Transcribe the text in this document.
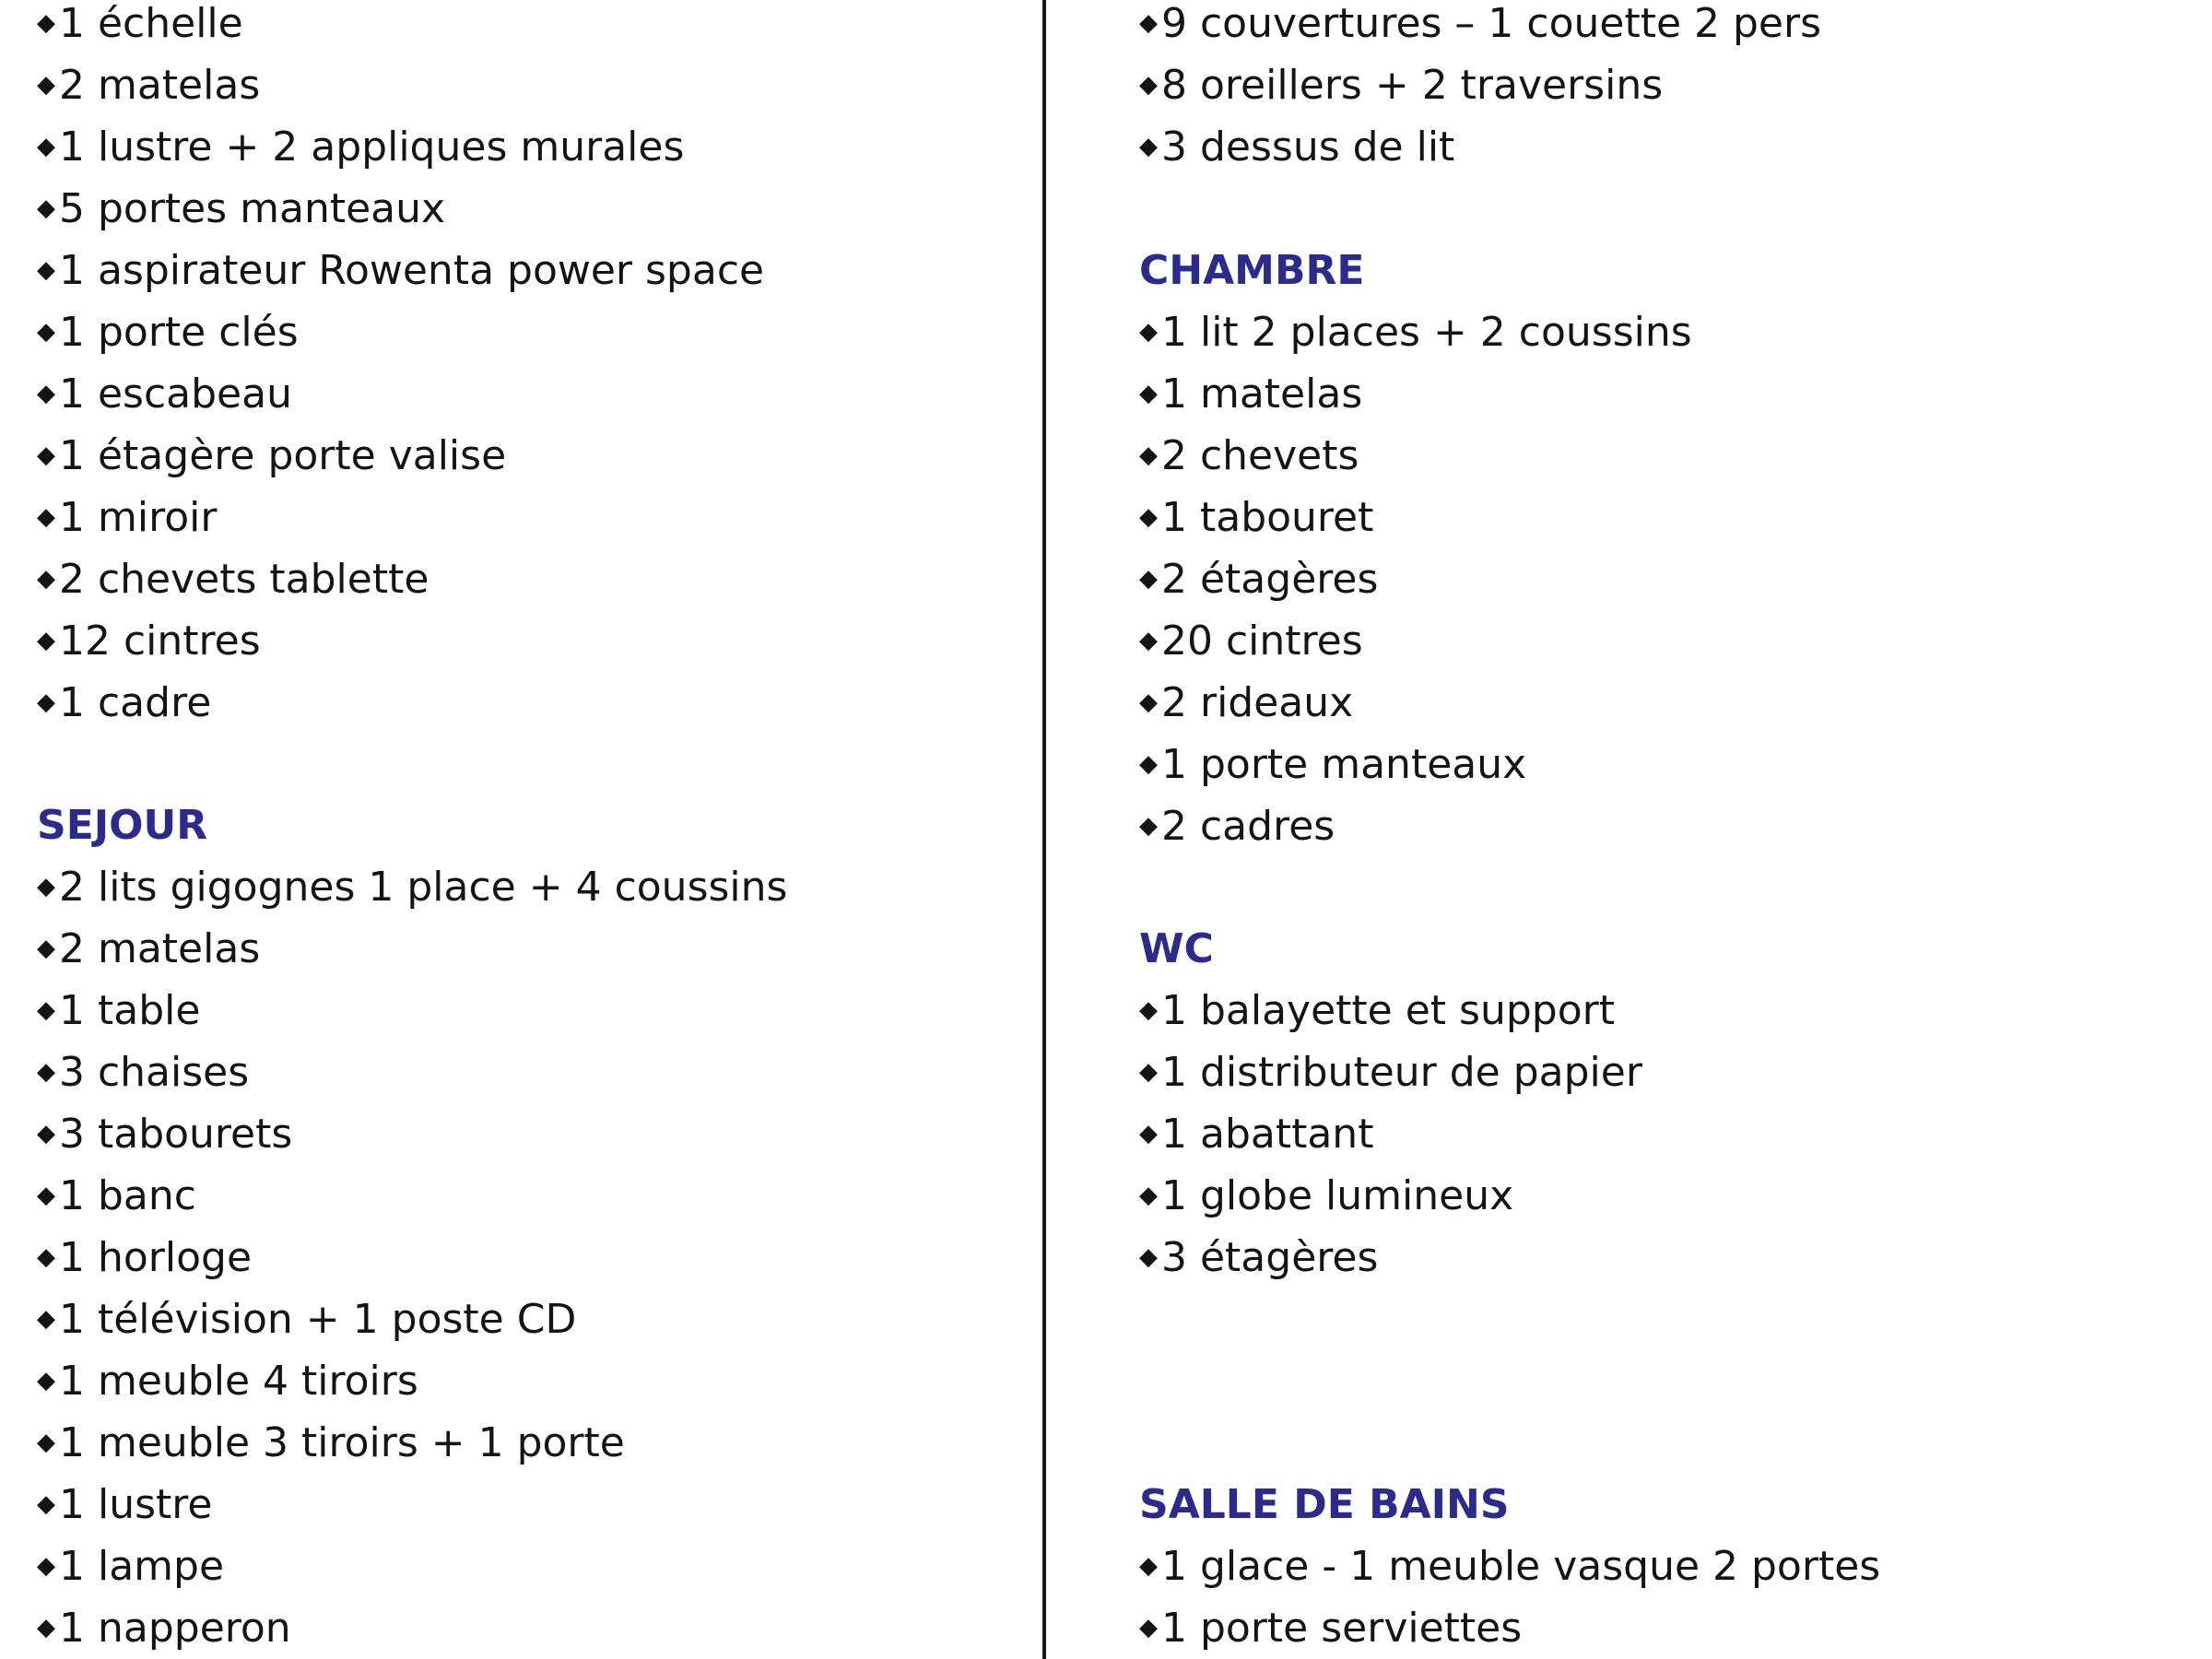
◆1 échelle
◆2 matelas
◆1 lustre + 2 appliques murales
◆5 portes manteaux
◆1 aspirateur Rowenta power space
◆1 porte clés
◆1 escabeau
◆1 étagère porte valise
◆1 miroir
◆2 chevets tablette
◆12 cintres
◆1 cadre
SEJOUR
◆2 lits gigognes 1 place + 4 coussins
◆2 matelas
◆1 table
◆3 chaises
◆3 tabourets
◆1 banc
◆1 horloge
◆1 télévision + 1 poste CD
◆1 meuble 4 tiroirs
◆1 meuble 3 tiroirs + 1 porte
◆1 lustre
◆1 lampe
◆1 napperon
◆9 couvertures – 1 couette 2 pers
◆8 oreillers + 2 traversins
◆3 dessus de lit
CHAMBRE
◆1 lit 2 places + 2 coussins
◆1 matelas
◆2 chevets
◆1 tabouret
◆2 étagères
◆20 cintres
◆2 rideaux
◆1 porte manteaux
◆2 cadres
WC
◆1 balayette et support
◆1 distributeur de papier
◆1 abattant
◆1 globe lumineux
◆3 étagères
SALLE DE BAINS
◆1 glace - 1 meuble vasque 2 portes
◆1 porte serviettes
